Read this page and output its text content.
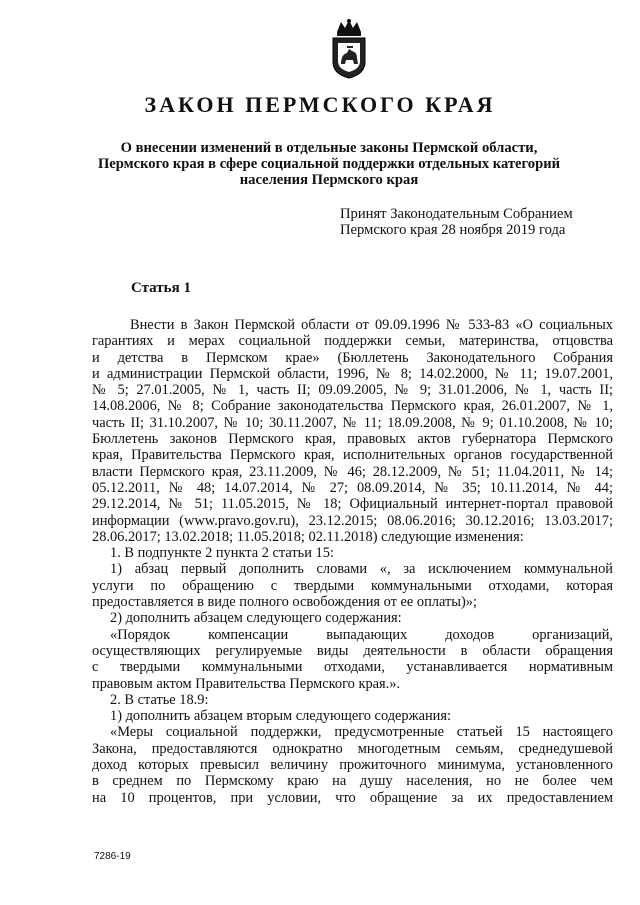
ЗАКОН ПЕРМСКОГО КРАЯ
О внесении изменений в отдельные законы Пермской области,
Пермского края в сфере социальной поддержки отдельных категорий
населения Пермского края
Принят Законодательным Собранием
Пермского края 28 ноября 2019 года
Статья 1
Внести в Закон Пермской области от 09.09.1996 № 533-83 «О социальных
гарантиях и мерах социальной поддержки семьи, материнства, отцовства
и детства в Пермском крае» (Бюллетень Законодательного Собрания
и администрации Пермской области, 1996, № 8; 14.02.2000, № 11; 19.07.2001,
№ 5; 27.01.2005, № 1, часть II; 09.09.2005, № 9; 31.01.2006, № 1, часть II;
14.08.2006, № 8; Собрание законодательства Пермского края, 26.01.2007, № 1,
часть II; 31.10.2007, № 10; 30.11.2007, № 11; 18.09.2008, № 9; 01.10.2008, № 10;
Бюллетень законов Пермского края, правовых актов губернатора Пермского
края, Правительства Пермского края, исполнительных органов государственной
власти Пермского края, 23.11.2009, № 46; 28.12.2009, № 51; 11.04.2011, № 14;
05.12.2011, № 48; 14.07.2014, № 27; 08.09.2014, № 35; 10.11.2014, № 44;
29.12.2014, № 51; 11.05.2015, № 18; Официальный интернет-портал правовой
информации (www.pravo.gov.ru), 23.12.2015; 08.06.2016; 30.12.2016; 13.03.2017;
28.06.2017; 13.02.2018; 11.05.2018; 02.11.2018) следующие изменения:
1. В подпункте 2 пункта 2 статьи 15:
1) абзац первый дополнить словами «, за исключением коммунальной
услуги по обращению с твердыми коммунальными отходами, которая
предоставляется в виде полного освобождения от ее оплаты)»;
2) дополнить абзацем следующего содержания:
«Порядок компенсации выпадающих доходов организаций,
осуществляющих регулируемые виды деятельности в области обращения
с твердыми коммунальными отходами, устанавливается нормативным
правовым актом Правительства Пермского края.».
2. В статье 18.9:
1) дополнить абзацем вторым следующего содержания:
«Меры социальной поддержки, предусмотренные статьей 15 настоящего
Закона, предоставляются однократно многодетным семьям, среднедушевой
доход которых превысил величину прожиточного минимума, установленного
в среднем по Пермскому краю на душу населения, но не более чем
на 10 процентов, при условии, что обращение за их предоставлением
7286-19
